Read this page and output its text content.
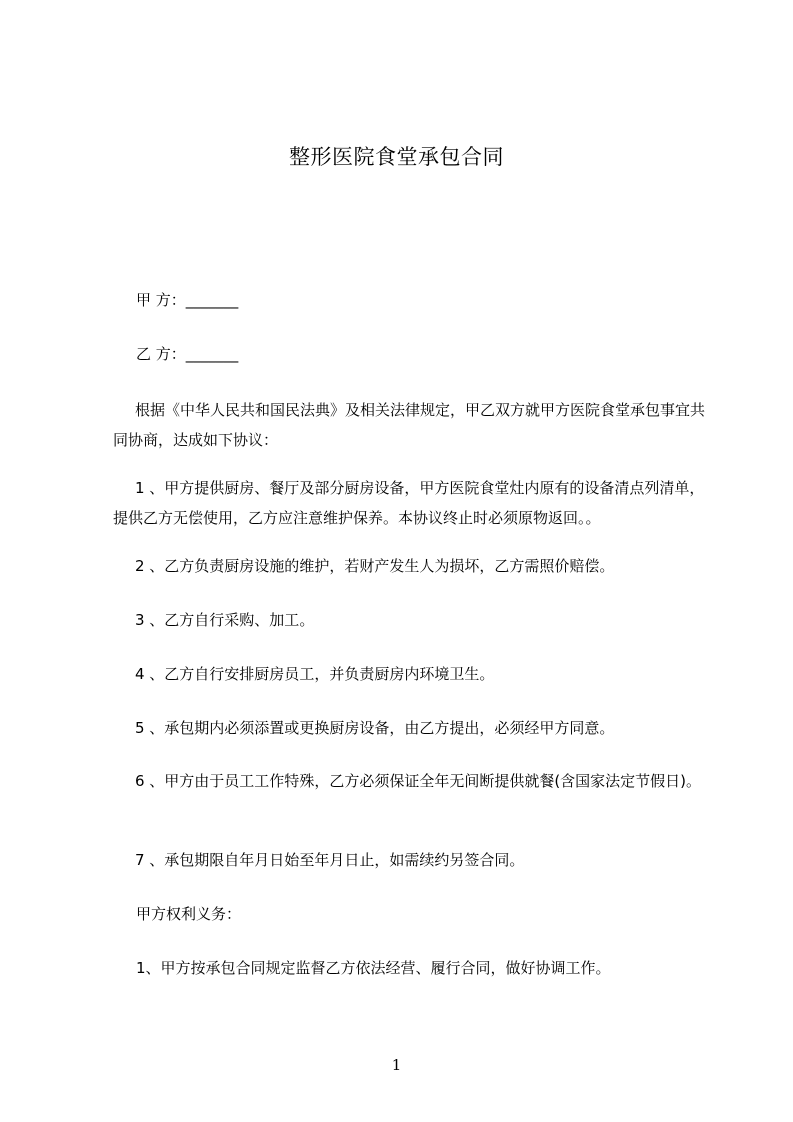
整形医院食堂承包合同
甲 方：_______
乙 方：_______
根据《中华人民共和国民法典》及相关法律规定，甲乙双方就甲方医院食堂承包事宜共同协商，达成如下协议：
1 、甲方提供厨房、餐厅及部分厨房设备，甲方医院食堂灶内原有的设备清点列清单，提供乙方无偿使用，乙方应注意维护保养。本协议终止时必须原物返回。。
2 、乙方负责厨房设施的维护，若财产发生人为损坏，乙方需照价赔偿。
3 、乙方自行采购、加工。
4 、乙方自行安排厨房员工，并负责厨房内环境卫生。
5 、承包期内必须添置或更换厨房设备，由乙方提出，必须经甲方同意。
6 、甲方由于员工工作特殊，乙方必须保证全年无间断提供就餐(含国家法定节假日)。
7 、承包期限自年月日始至年月日止，如需续约另签合同。
甲方权利义务：
1、甲方按承包合同规定监督乙方依法经营、履行合同，做好协调工作。
1
